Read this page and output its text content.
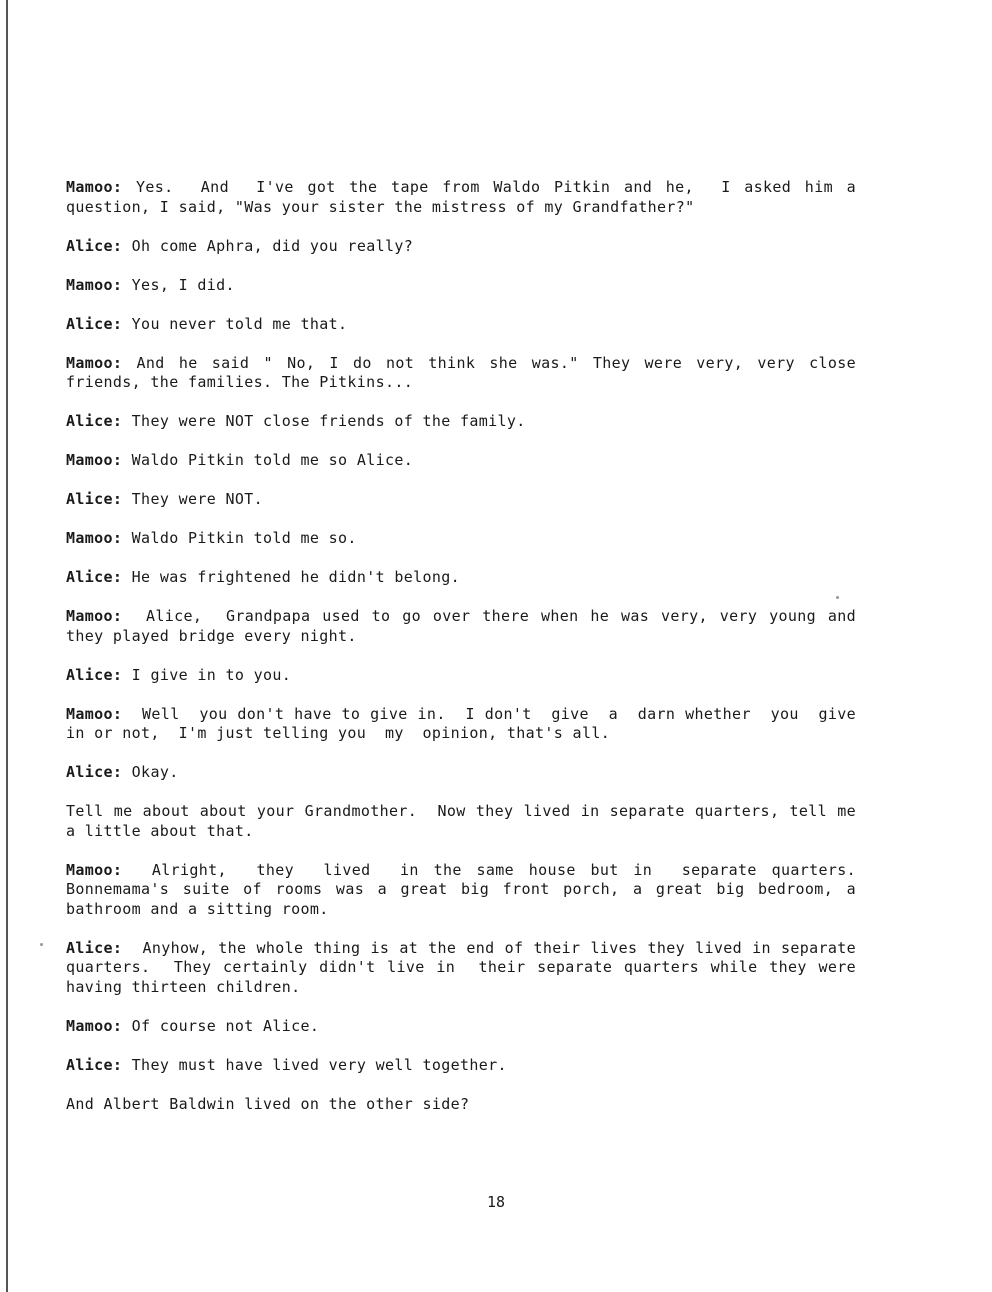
Mamoo: Yes.  And  I've got the tape from Waldo Pitkin and he,  I asked him a question, I said, "Was your sister the mistress of my Grandfather?"

Alice: Oh come Aphra, did you really?

Mamoo: Yes, I did.

Alice: You never told me that.

Mamoo: And he said " No, I do not think she was." They were very, very close friends, the families. The Pitkins...

Alice: They were NOT close friends of the family.

Mamoo: Waldo Pitkin told me so Alice.

Alice: They were NOT.

Mamoo: Waldo Pitkin told me so.

Alice: He was frightened he didn't belong.

Mamoo:  Alice,  Grandpapa used to go over there when he was very, very young and they played bridge every night.

Alice: I give in to you.

Mamoo:  Well  you don't have to give in.  I don't  give  a  darn whether  you  give in or not,  I'm just telling you  my  opinion, that's all.

Alice: Okay.

Tell me about about your Grandmother.  Now they lived in separate quarters, tell me a little about that.

Mamoo:  Alright,  they  lived  in the same house but in  separate quarters. Bonnemama's suite of rooms was a great big front porch, a great big bedroom, a bathroom and a sitting room.

Alice:  Anyhow, the whole thing is at the end of their lives they lived in separate quarters.  They certainly didn't live in  their separate quarters while they were having thirteen children.

Mamoo: Of course not Alice.

Alice: They must have lived very well together.

And Albert Baldwin lived on the other side?

18
